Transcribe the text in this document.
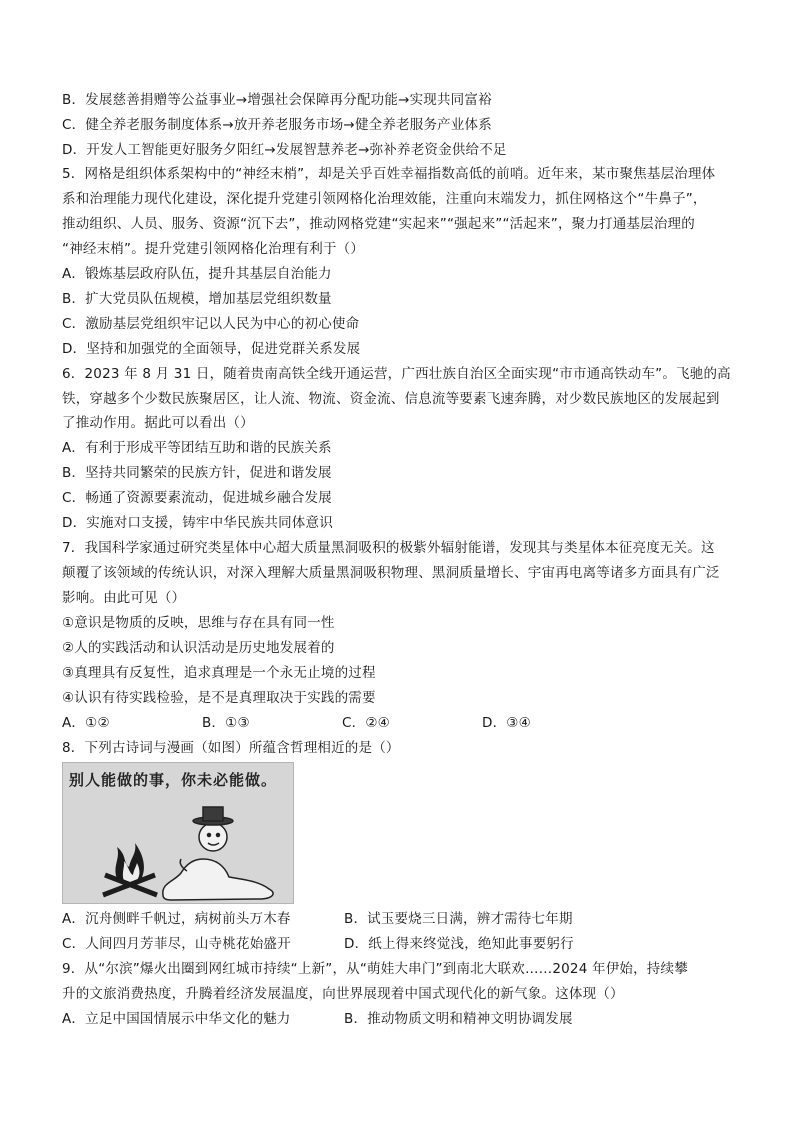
B．发展慈善捐赠等公益事业→增强社会保障再分配功能→实现共同富裕
C．健全养老服务制度体系→放开养老服务市场→健全养老服务产业体系
D．开发人工智能更好服务夕阳红→发展智慧养老→弥补养老资金供给不足
5．网格是组织体系架构中的“神经末梢”，却是关乎百姓幸福指数高低的前哨。近年来，某市聚焦基层治理体
系和治理能力现代化建设，深化提升党建引领网格化治理效能，注重向末端发力，抓住网格这个“牛鼻子”，
推动组织、人员、服务、资源“沉下去”，推动网格党建“实起来”“强起来”“活起来”，聚力打通基层治理的
“神经末梢”。提升党建引领网格化治理有利于（）
A．锻炼基层政府队伍，提升其基层自治能力
B．扩大党员队伍规模，增加基层党组织数量
C．激励基层党组织牢记以人民为中心的初心使命
D．坚持和加强党的全面领导，促进党群关系发展
6．2023 年 8 月 31 日，随着贵南高铁全线开通运营，广西壮族自治区全面实现“市市通高铁动车”。飞驰的高
铁，穿越多个少数民族聚居区，让人流、物流、资金流、信息流等要素飞速奔腾，对少数民族地区的发展起到
了推动作用。据此可以看出（）
A．有利于形成平等团结互助和谐的民族关系
B．坚持共同繁荣的民族方针，促进和谐发展
C．畅通了资源要素流动，促进城乡融合发展
D．实施对口支援，铸牢中华民族共同体意识
7．我国科学家通过研究类星体中心超大质量黑洞吸积的极紫外辐射能谱，发现其与类星体本征亮度无关。这
颠覆了该领域的传统认识，对深入理解大质量黑洞吸积物理、黑洞质量增长、宇宙再电离等诸多方面具有广泛
影响。由此可见（）
①意识是物质的反映，思维与存在具有同一性
②人的实践活动和认识活动是历史地发展着的
③真理具有反复性，追求真理是一个永无止境的过程
④认识有待实践检验，是不是真理取决于实践的需要
A．①②	B．①③	C．②④	D．③④
8．下列古诗词与漫画（如图）所蕴含哲理相近的是（）
别人能做的事，你未必能做。
A．沉舟侧畔千帆过，病树前头万木春	B．试玉要烧三日满，辨才需待七年期
C．人间四月芳菲尽，山寺桃花始盛开	D．纸上得来终觉浅，绝知此事要躬行
9．从“尔滨”爆火出圈到网红城市持续“上新”，从“萌娃大串门”到南北大联欢……2024 年伊始，持续攀
升的文旅消费热度，升腾着经济发展温度，向世界展现着中国式现代化的新气象。这体现（）
A．立足中国国情展示中华文化的魅力	B．推动物质文明和精神文明协调发展
